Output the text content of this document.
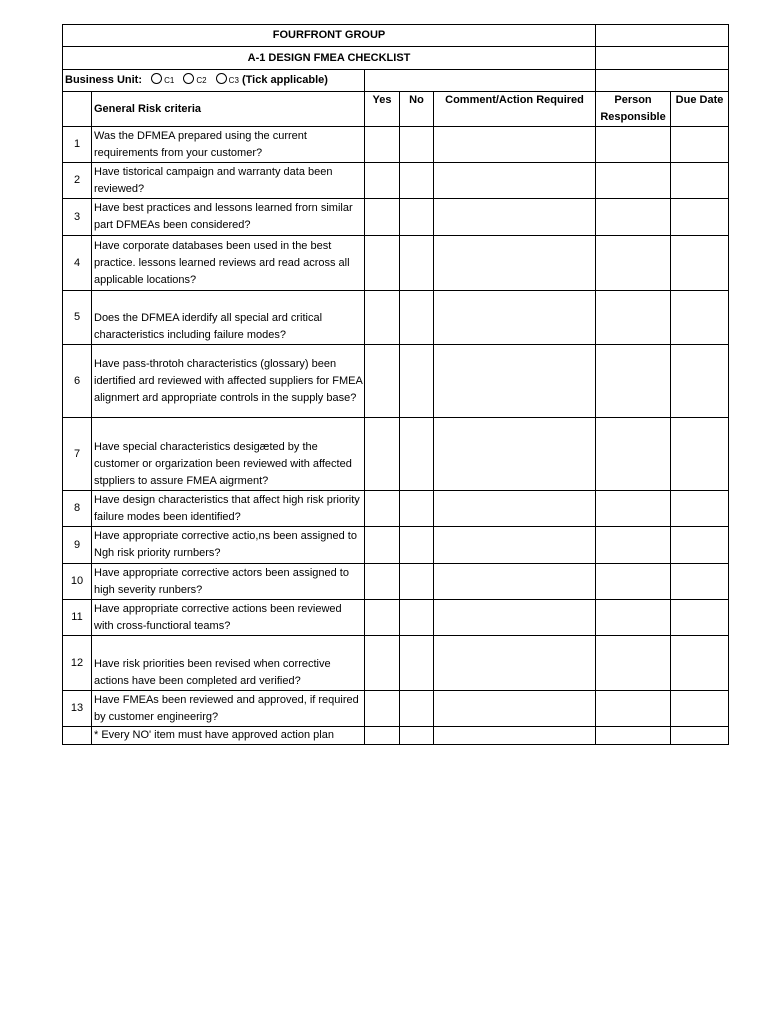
FOURFRONT GROUP						
A-1 DESIGN FMEA CHECKLIST						
Business Unit: C1 C2 C3 (Tick applicable)						
	General Risk criteria	Yes	No	Comment/Action Required	Person Responsible	Due Date
1	Was the DFMEA prepared using the current requirements from your customer?					
2	Have tistorical campaign and warranty data been reviewed?					
3	Have best practices and lessons learned frorn similar part DFMEAs been considered?					
4	Have corporate databases been used in the best practice. lessons learned reviews ard read across all applicable locations?					
5	Does the DFMEA iderdify all special ard critical characteristics including failure modes?					
6	Have pass-throtoh characteristics (glossary) been idertified ard reviewed with affected suppliers for FMEA alignmert ard appropriate controls in the supply base?					
7	Have special characteristics desigæted by the customer or orgarization been reviewed with affected stppliers to assure FMEA aigrment?					
8	Have design characteristics that affect high risk priority failure modes been identified?					
9	Have appropriate corrective actio,ns been assigned to Ngh risk priority rurnbers?					
10	Have appropriate corrective actors been assigned to high severity runbers?					
11	Have appropriate corrective actions been reviewed with cross-functioral teams?					
12	Have risk priorities been revised when corrective actions have been completed ard verified?					
13	Have FMEAs been reviewed and approved, if required by customer engineerirg?					
	* Every NO' item must have approved action plan					
